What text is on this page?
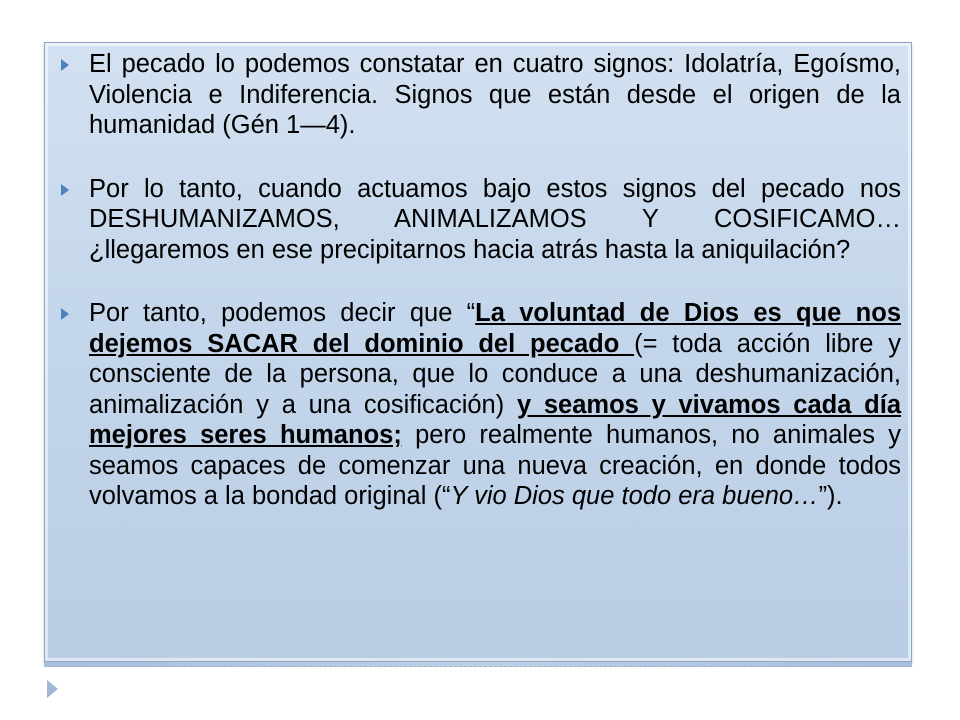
El pecado lo podemos constatar en cuatro signos: Idolatría, Egoísmo, Violencia e Indiferencia. Signos que están desde el origen de la humanidad (Gén 1—4).
Por lo tanto, cuando actuamos bajo estos signos del pecado nos DESHUMANIZAMOS, ANIMALIZAMOS Y COSIFICAMO… ¿llegaremos en ese precipitarnos hacia atrás hasta la aniquilación?
Por tanto, podemos decir que “La voluntad de Dios es que nos dejemos SACAR del dominio del pecado (= toda acción libre y consciente de la persona, que lo conduce a una deshumanización, animalización y a una cosificación) y seamos y vivamos cada día mejores seres humanos; pero realmente humanos, no animales y seamos capaces de comenzar una nueva creación, en donde todos volvamos a la bondad original (“Y vio Dios que todo era bueno…”).
